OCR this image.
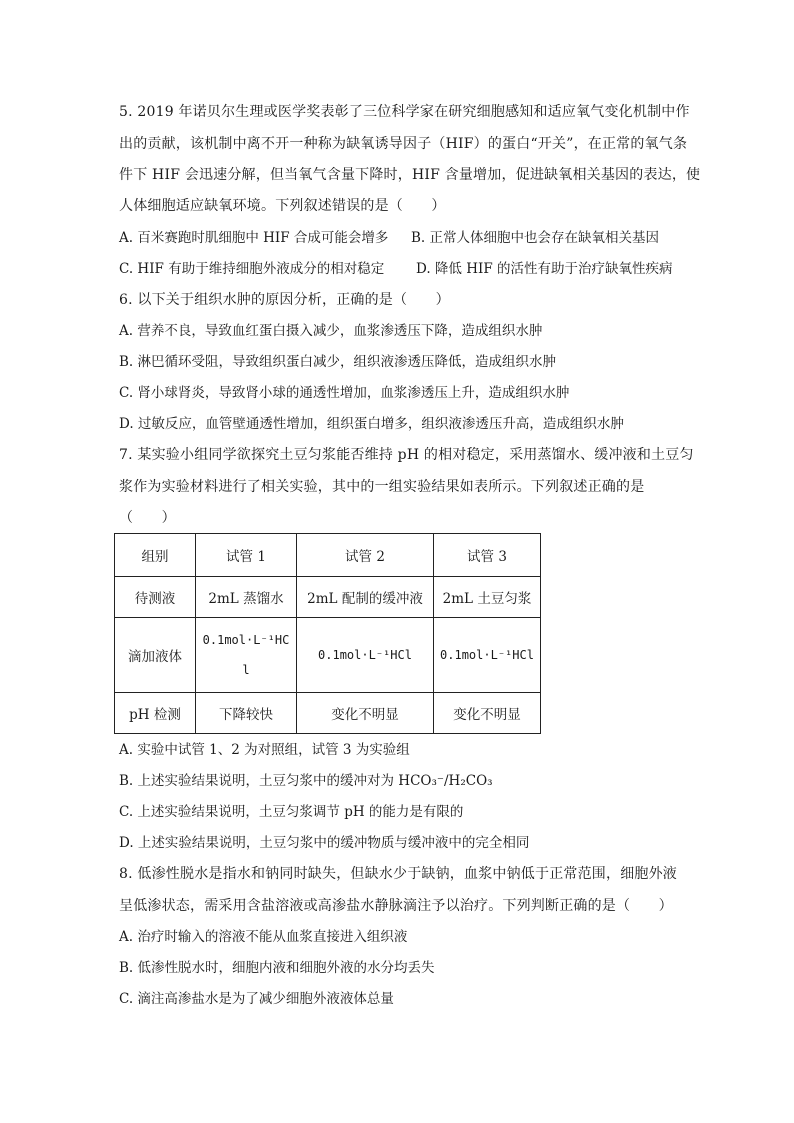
5. 2019 年诺贝尔生理或医学奖表彰了三位科学家在研究细胞感知和适应氧气变化机制中作
出的贡献，该机制中离不开一种称为缺氧诱导因子（HIF）的蛋白“开关”，在正常的氧气条
件下 HIF 会迅速分解，但当氧气含量下降时，HIF 含量增加，促进缺氧相关基因的表达，使
人体细胞适应缺氧环境。下列叙述错误的是（　　）
A. 百米赛跑时肌细胞中 HIF 合成可能会增多 B. 正常人体细胞中也会存在缺氧相关基因
C. HIF 有助于维持细胞外液成分的相对稳定 D. 降低 HIF 的活性有助于治疗缺氧性疾病
6. 以下关于组织水肿的原因分析，正确的是（　　）
A. 营养不良，导致血红蛋白摄入减少，血浆渗透压下降，造成组织水肿
B. 淋巴循环受阻，导致组织蛋白减少，组织液渗透压降低，造成组织水肿
C. 肾小球肾炎，导致肾小球的通透性增加，血浆渗透压上升，造成组织水肿
D. 过敏反应，血管壁通透性增加，组织蛋白增多，组织液渗透压升高，造成组织水肿
7. 某实验小组同学欲探究土豆匀浆能否维持 pH 的相对稳定，采用蒸馏水、缓冲液和土豆匀
浆作为实验材料进行了相关实验，其中的一组实验结果如表所示。下列叙述正确的是
（　　）
组别	试管 1	试管 2	试管 3
待测液	2mL 蒸馏水	2mL 配制的缓冲液	2mL 土豆匀浆
滴加液体	0.1mol·L⁻¹HCl	0.1mol·L⁻¹HCl	0.1mol·L⁻¹HCl
pH 检测	下降较快	变化不明显	变化不明显
A. 实验中试管 1、2 为对照组，试管 3 为实验组
B. 上述实验结果说明，土豆匀浆中的缓冲对为 HCO₃⁻/H₂CO₃
C. 上述实验结果说明，土豆匀浆调节 pH 的能力是有限的
D. 上述实验结果说明，土豆匀浆中的缓冲物质与缓冲液中的完全相同
8. 低渗性脱水是指水和钠同时缺失，但缺水少于缺钠，血浆中钠低于正常范围，细胞外液
呈低渗状态，需采用含盐溶液或高渗盐水静脉滴注予以治疗。下列判断正确的是（　　）
A. 治疗时输入的溶液不能从血浆直接进入组织液
B. 低渗性脱水时，细胞内液和细胞外液的水分均丢失
C. 滴注高渗盐水是为了减少细胞外液液体总量
